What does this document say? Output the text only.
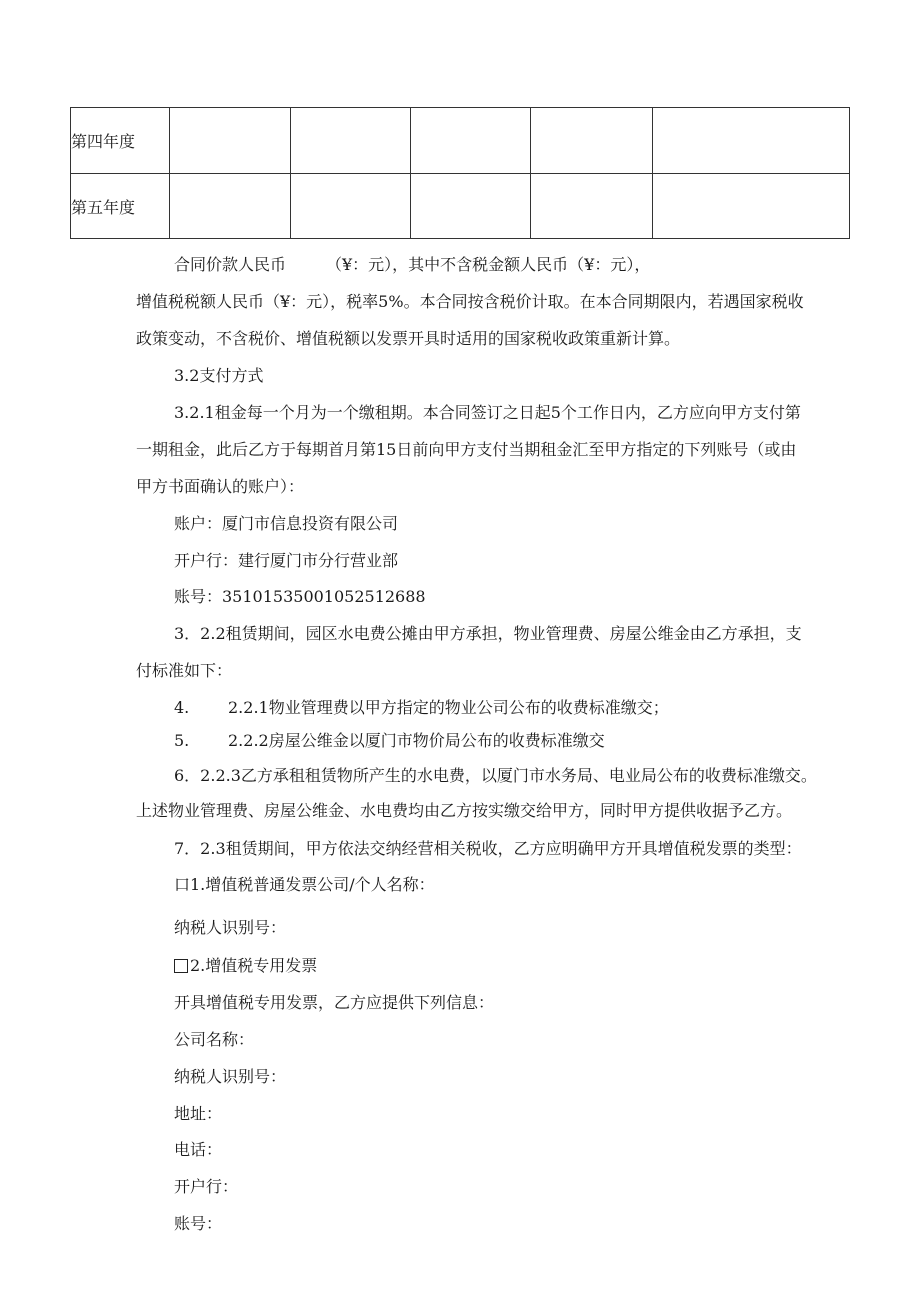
第四年度					
第五年度					
合同价款人民币　　　（¥：元），其中不含税金额人民币（¥：元），
增值税税额人民币（¥：元），税率5%。本合同按含税价计取。在本合同期限内，若遇国家税收
政策变动，不含税价、增值税额以发票开具时适用的国家税收政策重新计算。
3.2支付方式
3.2.1租金每一个月为一个缴租期。本合同签订之日起5个工作日内，乙方应向甲方支付第
一期租金，此后乙方于每期首月第15日前向甲方支付当期租金汇至甲方指定的下列账号（或由
甲方书面确认的账户）：
账户：厦门市信息投资有限公司
开户行：建行厦门市分行营业部
账号：35101535001052512688
3．2.2租赁期间，园区水电费公摊由甲方承担，物业管理费、房屋公维金由乙方承担，支
付标准如下：
4. 2.2.1物业管理费以甲方指定的物业公司公布的收费标准缴交；
5. 2.2.2房屋公维金以厦门市物价局公布的收费标准缴交
6．2.2.3乙方承租租赁物所产生的水电费，以厦门市水务局、电业局公布的收费标准缴交。
上述物业管理费、房屋公维金、水电费均由乙方按实缴交给甲方，同时甲方提供收据予乙方。
7．2.3租赁期间，甲方依法交纳经营相关税收，乙方应明确甲方开具增值税发票的类型：
口1.增值税普通发票公司/个人名称：
纳税人识别号：
2.增值税专用发票
开具增值税专用发票，乙方应提供下列信息：
公司名称：
纳税人识别号：
地址：
电话：
开户行：
账号：
